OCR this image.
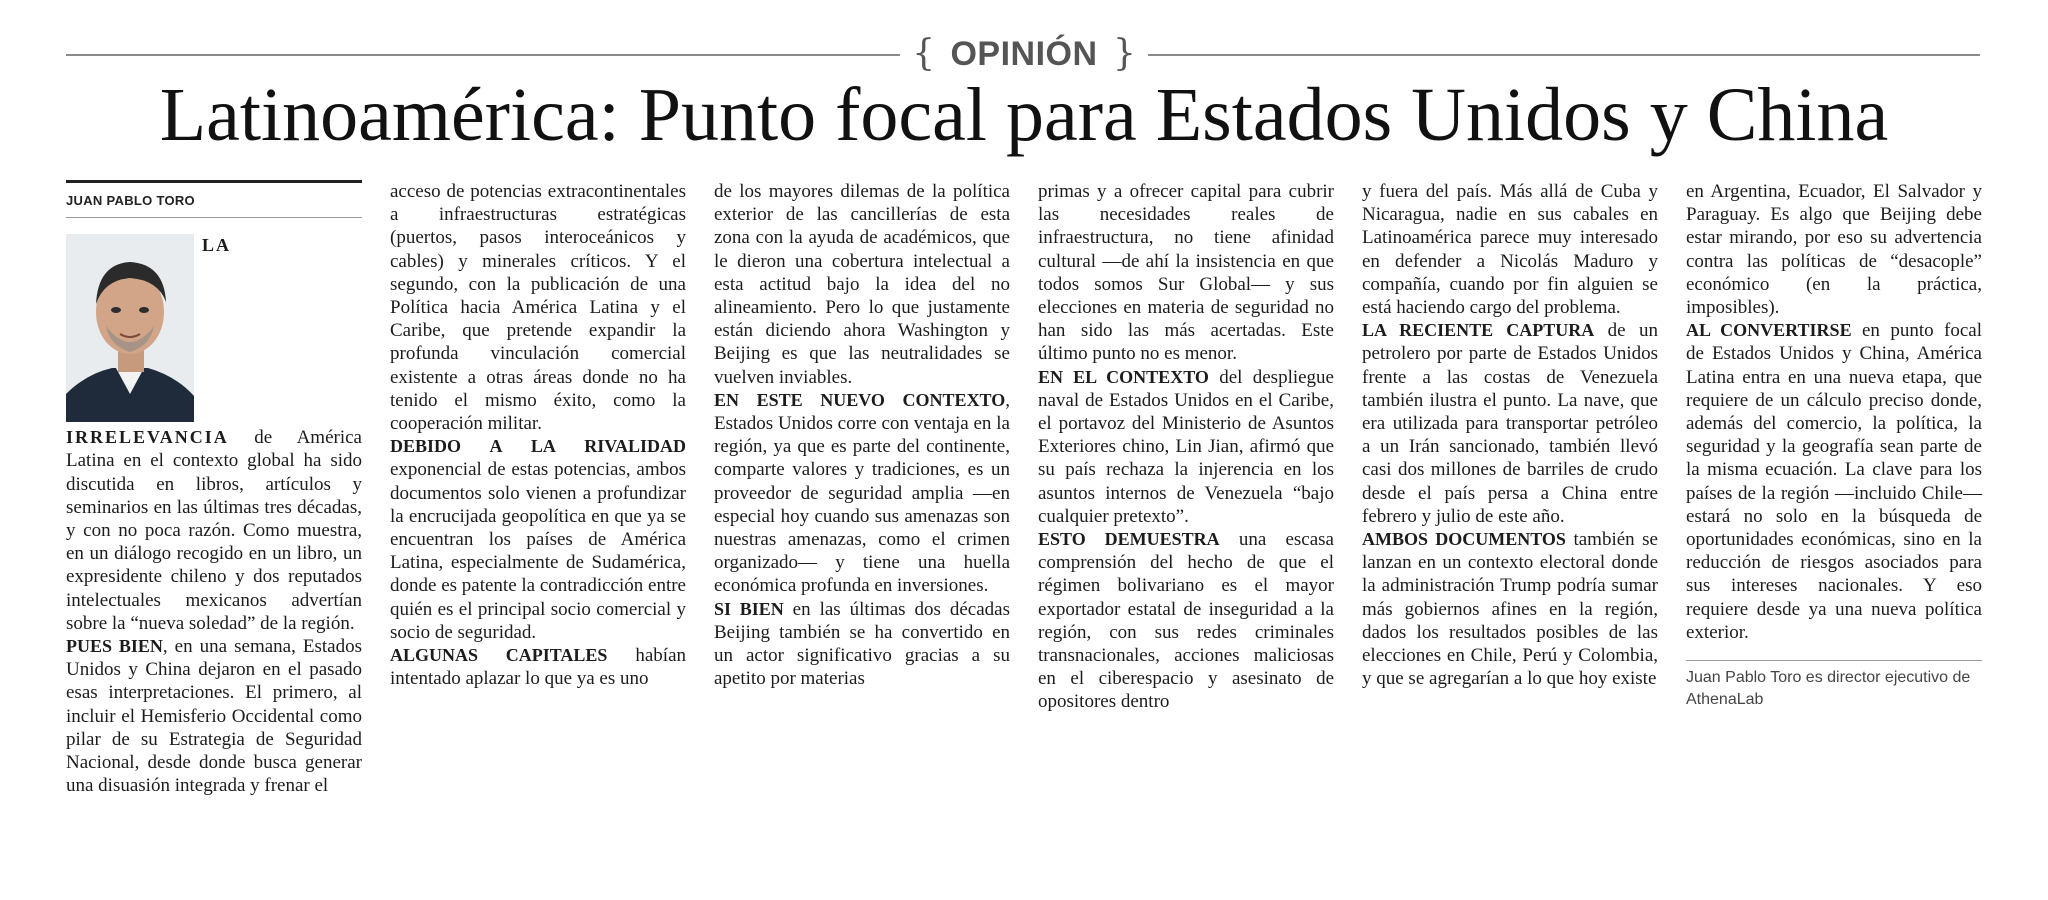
{ OPINIÓN }
Latinoamérica: Punto focal para Estados Unidos y China
JUAN PABLO TORO

LA IRRELEVANCIA de América Latina en el contexto global ha sido discutida en libros, artículos y seminarios en las últimas tres décadas, y con no poca razón. Como muestra, en un diálogo recogido en un libro, un expresidente chileno y dos reputados intelectuales mexicanos advertían sobre la “nueva soledad” de la región.

PUES BIEN, en una semana, Estados Unidos y China dejaron en el pasado esas interpretaciones. El primero, al incluir el Hemisferio Occidental como pilar de su Estrategia de Seguridad Nacional, desde donde busca generar una disuasión integrada y frenar el

acceso de potencias extracontinentales a infraestructuras estratégicas (puertos, pasos interoceánicos y cables) y minerales críticos. Y el segundo, con la publicación de una Política hacia América Latina y el Caribe, que pretende expandir la profunda vinculación comercial existente a otras áreas donde no ha tenido el mismo éxito, como la cooperación militar.

DEBIDO A LA RIVALIDAD exponencial de estas potencias, ambos documentos solo vienen a profundizar la encrucijada geopolítica en que ya se encuentran los países de América Latina, especialmente de Sudamérica, donde es patente la contradicción entre quién es el principal socio comercial y socio de seguridad.

ALGUNAS CAPITALES habían intentado aplazar lo que ya es uno

de los mayores dilemas de la política exterior de las cancillerías de esta zona con la ayuda de académicos, que le dieron una cobertura intelectual a esta actitud bajo la idea del no alineamiento. Pero lo que justamente están diciendo ahora Washington y Beijing es que las neutralidades se vuelven inviables.

EN ESTE NUEVO CONTEXTO, Estados Unidos corre con ventaja en la región, ya que es parte del continente, comparte valores y tradiciones, es un proveedor de seguridad amplia —en especial hoy cuando sus amenazas son nuestras amenazas, como el crimen organizado— y tiene una huella económica profunda en inversiones.

SI BIEN en las últimas dos décadas Beijing también se ha convertido en un actor significativo gracias a su apetito por materias

primas y a ofrecer capital para cubrir las necesidades reales de infraestructura, no tiene afinidad cultural —de ahí la insistencia en que todos somos Sur Global— y sus elecciones en materia de seguridad no han sido las más acertadas. Este último punto no es menor.

EN EL CONTEXTO del despliegue naval de Estados Unidos en el Caribe, el portavoz del Ministerio de Asuntos Exteriores chino, Lin Jian, afirmó que su país rechaza la injerencia en los asuntos internos de Venezuela “bajo cualquier pretexto”.

ESTO DEMUESTRA una escasa comprensión del hecho de que el régimen bolivariano es el mayor exportador estatal de inseguridad a la región, con sus redes criminales transnacionales, acciones maliciosas en el ciberespacio y asesinato de opositores dentro

y fuera del país. Más allá de Cuba y Nicaragua, nadie en sus cabales en Latinoamérica parece muy interesado en defender a Nicolás Maduro y compañía, cuando por fin alguien se está haciendo cargo del problema.

LA RECIENTE CAPTURA de un petrolero por parte de Estados Unidos frente a las costas de Venezuela también ilustra el punto. La nave, que era utilizada para transportar petróleo a un Irán sancionado, también llevó casi dos millones de barriles de crudo desde el país persa a China entre febrero y julio de este año.

AMBOS DOCUMENTOS también se lanzan en un contexto electoral donde la administración Trump podría sumar más gobiernos afines en la región, dados los resultados posibles de las elecciones en Chile, Perú y Colombia, y que se agregarían a lo que hoy existe

en Argentina, Ecuador, El Salvador y Paraguay. Es algo que Beijing debe estar mirando, por eso su advertencia contra las políticas de “desacople” económico (en la práctica, imposibles).

AL CONVERTIRSE en punto focal de Estados Unidos y China, América Latina entra en una nueva etapa, que requiere de un cálculo preciso donde, además del comercio, la política, la seguridad y la geografía sean parte de la misma ecuación. La clave para los países de la región —incluido Chile— estará no solo en la búsqueda de oportunidades económicas, sino en la reducción de riesgos asociados para sus intereses nacionales. Y eso requiere desde ya una nueva política exterior.

Juan Pablo Toro es director ejecutivo de AthenaLab
